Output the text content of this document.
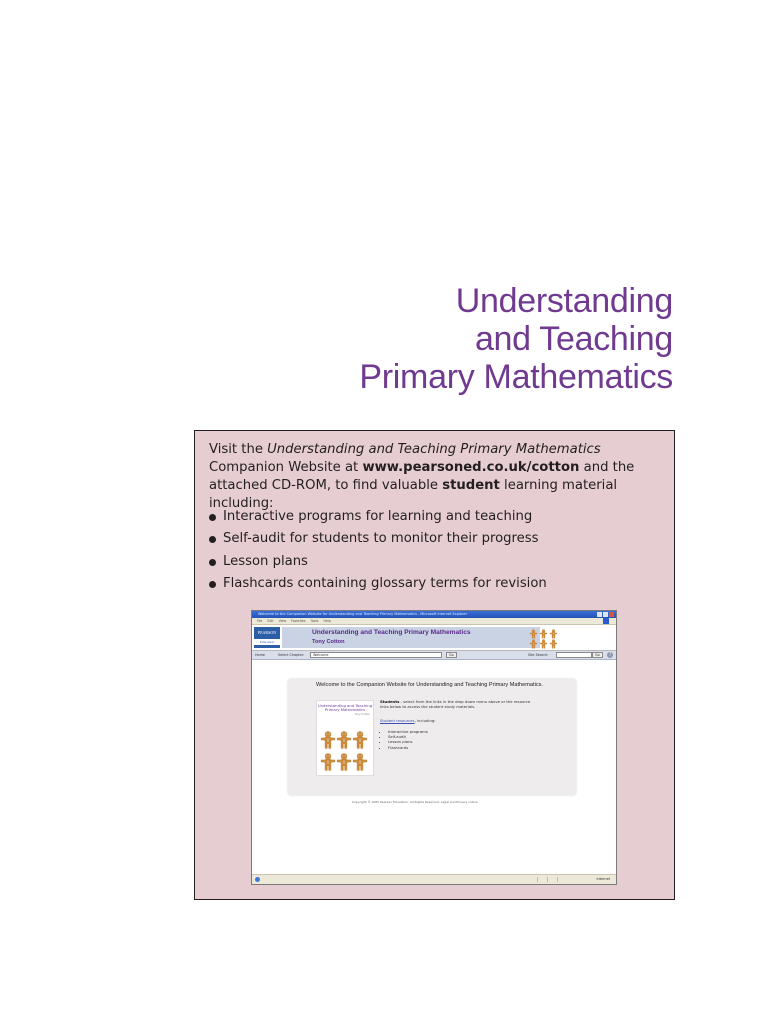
Understanding
and Teaching
Primary Mathematics
Visit the Understanding and Teaching Primary Mathematics Companion Website at www.pearsoned.co.uk/cotton and the attached CD-ROM, to find valuable student learning material including:
Interactive programs for learning and teaching
Self-audit for students to monitor their progress
Lesson plans
Flashcards containing glossary terms for revision
Welcome to the Companion Website for Understanding and Teaching Primary Mathematics - Microsoft Internet Explorer
File Edit View Favorites Tools Help
PEARSON
Education
Understanding and Teaching Primary Mathematics
Tony Cotton
Home	Select Chapter:	Welcome	Go	Site Search:	Go	?
Welcome to the Companion Website for Understanding and Teaching Primary Mathematics.
Understanding and Teaching Primary Mathematics
Tony Cotton
Students - select from the links in the drop down menu above or the resource links below to access the student study materials.
Student resources, including:
• Interactive programs
• Self-audit
• Lesson plans
• Flashcards
Copyright © 2005 Pearson Education. All Rights Reserved. Legal and Privacy notice
Internet
